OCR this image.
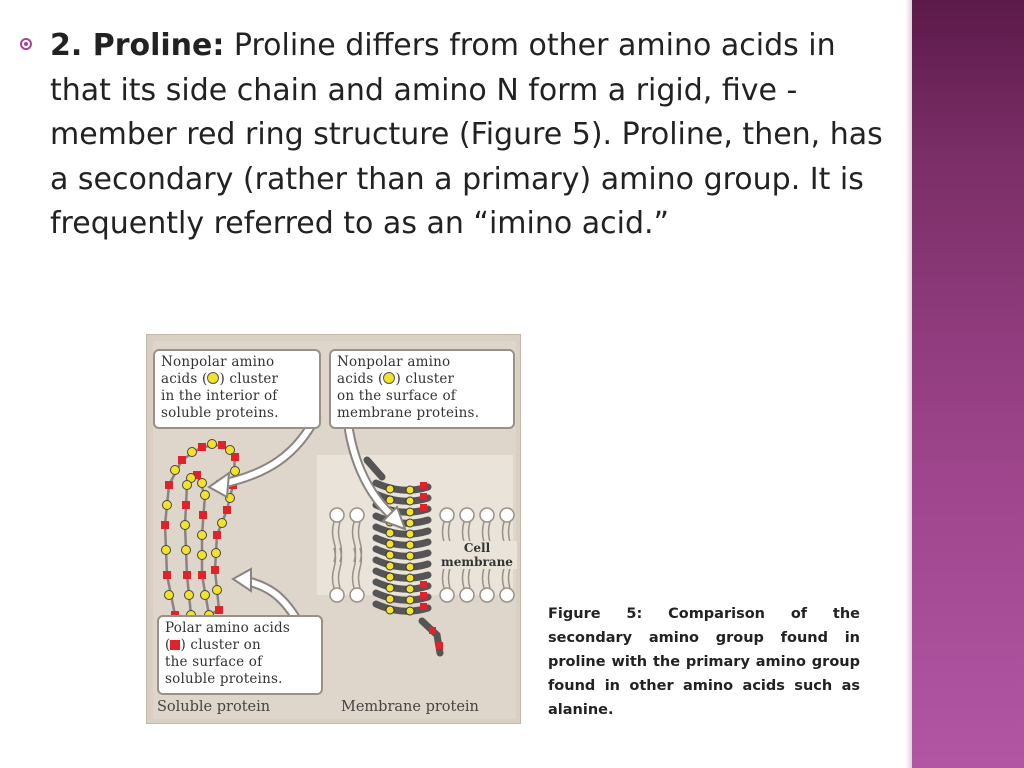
2. Proline: Proline differs from other amino acids in that its side chain and amino N form a rigid, five -member red ring structure (Figure 5). Proline, then, has a secondary (rather than a primary) amino group. It is frequently referred to as an “imino acid.”

Nonpolar amino
acids ( ) cluster
in the interior of
soluble proteins.
Nonpolar amino
acids ( ) cluster
on the surface of
membrane proteins.
Polar amino acids
( ) cluster on
the surface of
soluble proteins.
Cell
membrane
Soluble protein	Membrane protein

Figure 5: Comparison of the secondary amino group found in proline with the primary amino group found in other amino acids such as alanine.
